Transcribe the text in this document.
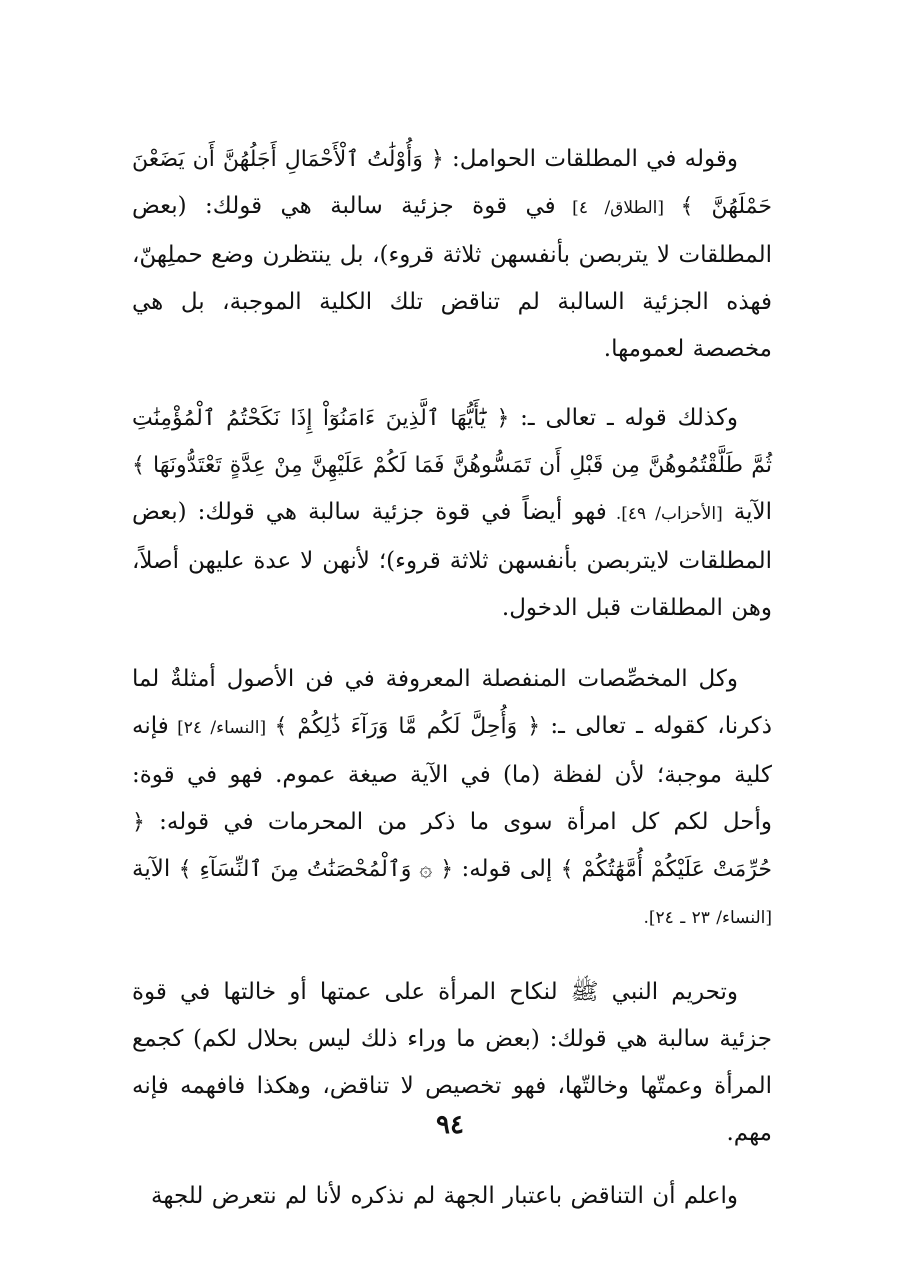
وقوله في المطلقات الحوامل: ﴿ وَأُوْلَٰتُ ٱلْأَحْمَالِ أَجَلُهُنَّ أَن يَضَعْنَ حَمْلَهُنَّ ﴾ [الطلاق/ ٤] في قوة جزئية سالبة هي قولك: (بعض المطلقات لا يتربصن بأنفسهن ثلاثة قروء)، بل ينتظرن وضع حملِهنّ، فهذه الجزئية السالبة لم تناقض تلك الكلية الموجبة، بل هي مخصصة لعمومها.

وكذلك قوله ـ تعالى ـ: ﴿ يَٰٓأَيُّهَا ٱلَّذِينَ ءَامَنُوٓاْ إِذَا نَكَحْتُمُ ٱلْمُؤْمِنَٰتِ ثُمَّ طَلَّقْتُمُوهُنَّ مِن قَبْلِ أَن تَمَسُّوهُنَّ فَمَا لَكُمْ عَلَيْهِنَّ مِنْ عِدَّةٍ تَعْتَدُّونَهَا ﴾ الآية [الأحزاب/ ٤٩]. فهو أيضاً في قوة جزئية سالبة هي قولك: (بعض المطلقات لايتربصن بأنفسهن ثلاثة قروء)؛ لأنهن لا عدة عليهن أصلاً، وهن المطلقات قبل الدخول.

وكل المخصِّصات المنفصلة المعروفة في فن الأصول أمثلةٌ لما ذكرنا، كقوله ـ تعالى ـ: ﴿ وَأُحِلَّ لَكُم مَّا وَرَآءَ ذَٰلِكُمْ ﴾ [النساء/ ٢٤] فإنه كلية موجبة؛ لأن لفظة (ما) في الآية صيغة عموم. فهو في قوة: وأحل لكم كل امرأة سوى ما ذكر من المحرمات في قوله: ﴿ حُرِّمَتْ عَلَيْكُمْ أُمَّهَٰتُكُمْ ﴾ إلى قوله: ﴿ ۞ وَٱلْمُحْصَنَٰتُ مِنَ ٱلنِّسَآءِ ﴾ الآية [النساء/ ٢٣ ـ ٢٤].

وتحريم النبي ﷺ لنكاح المرأة على عمتها أو خالتها في قوة جزئية سالبة هي قولك: (بعض ما وراء ذلك ليس بحلال لكم) كجمع المرأة وعمتّها وخالتّها، فهو تخصيص لا تناقض، وهكذا فافهمه فإنه مهم.

واعلم أن التناقض باعتبار الجهة لم نذكره لأنا لم نتعرض للجهة

٩٤
